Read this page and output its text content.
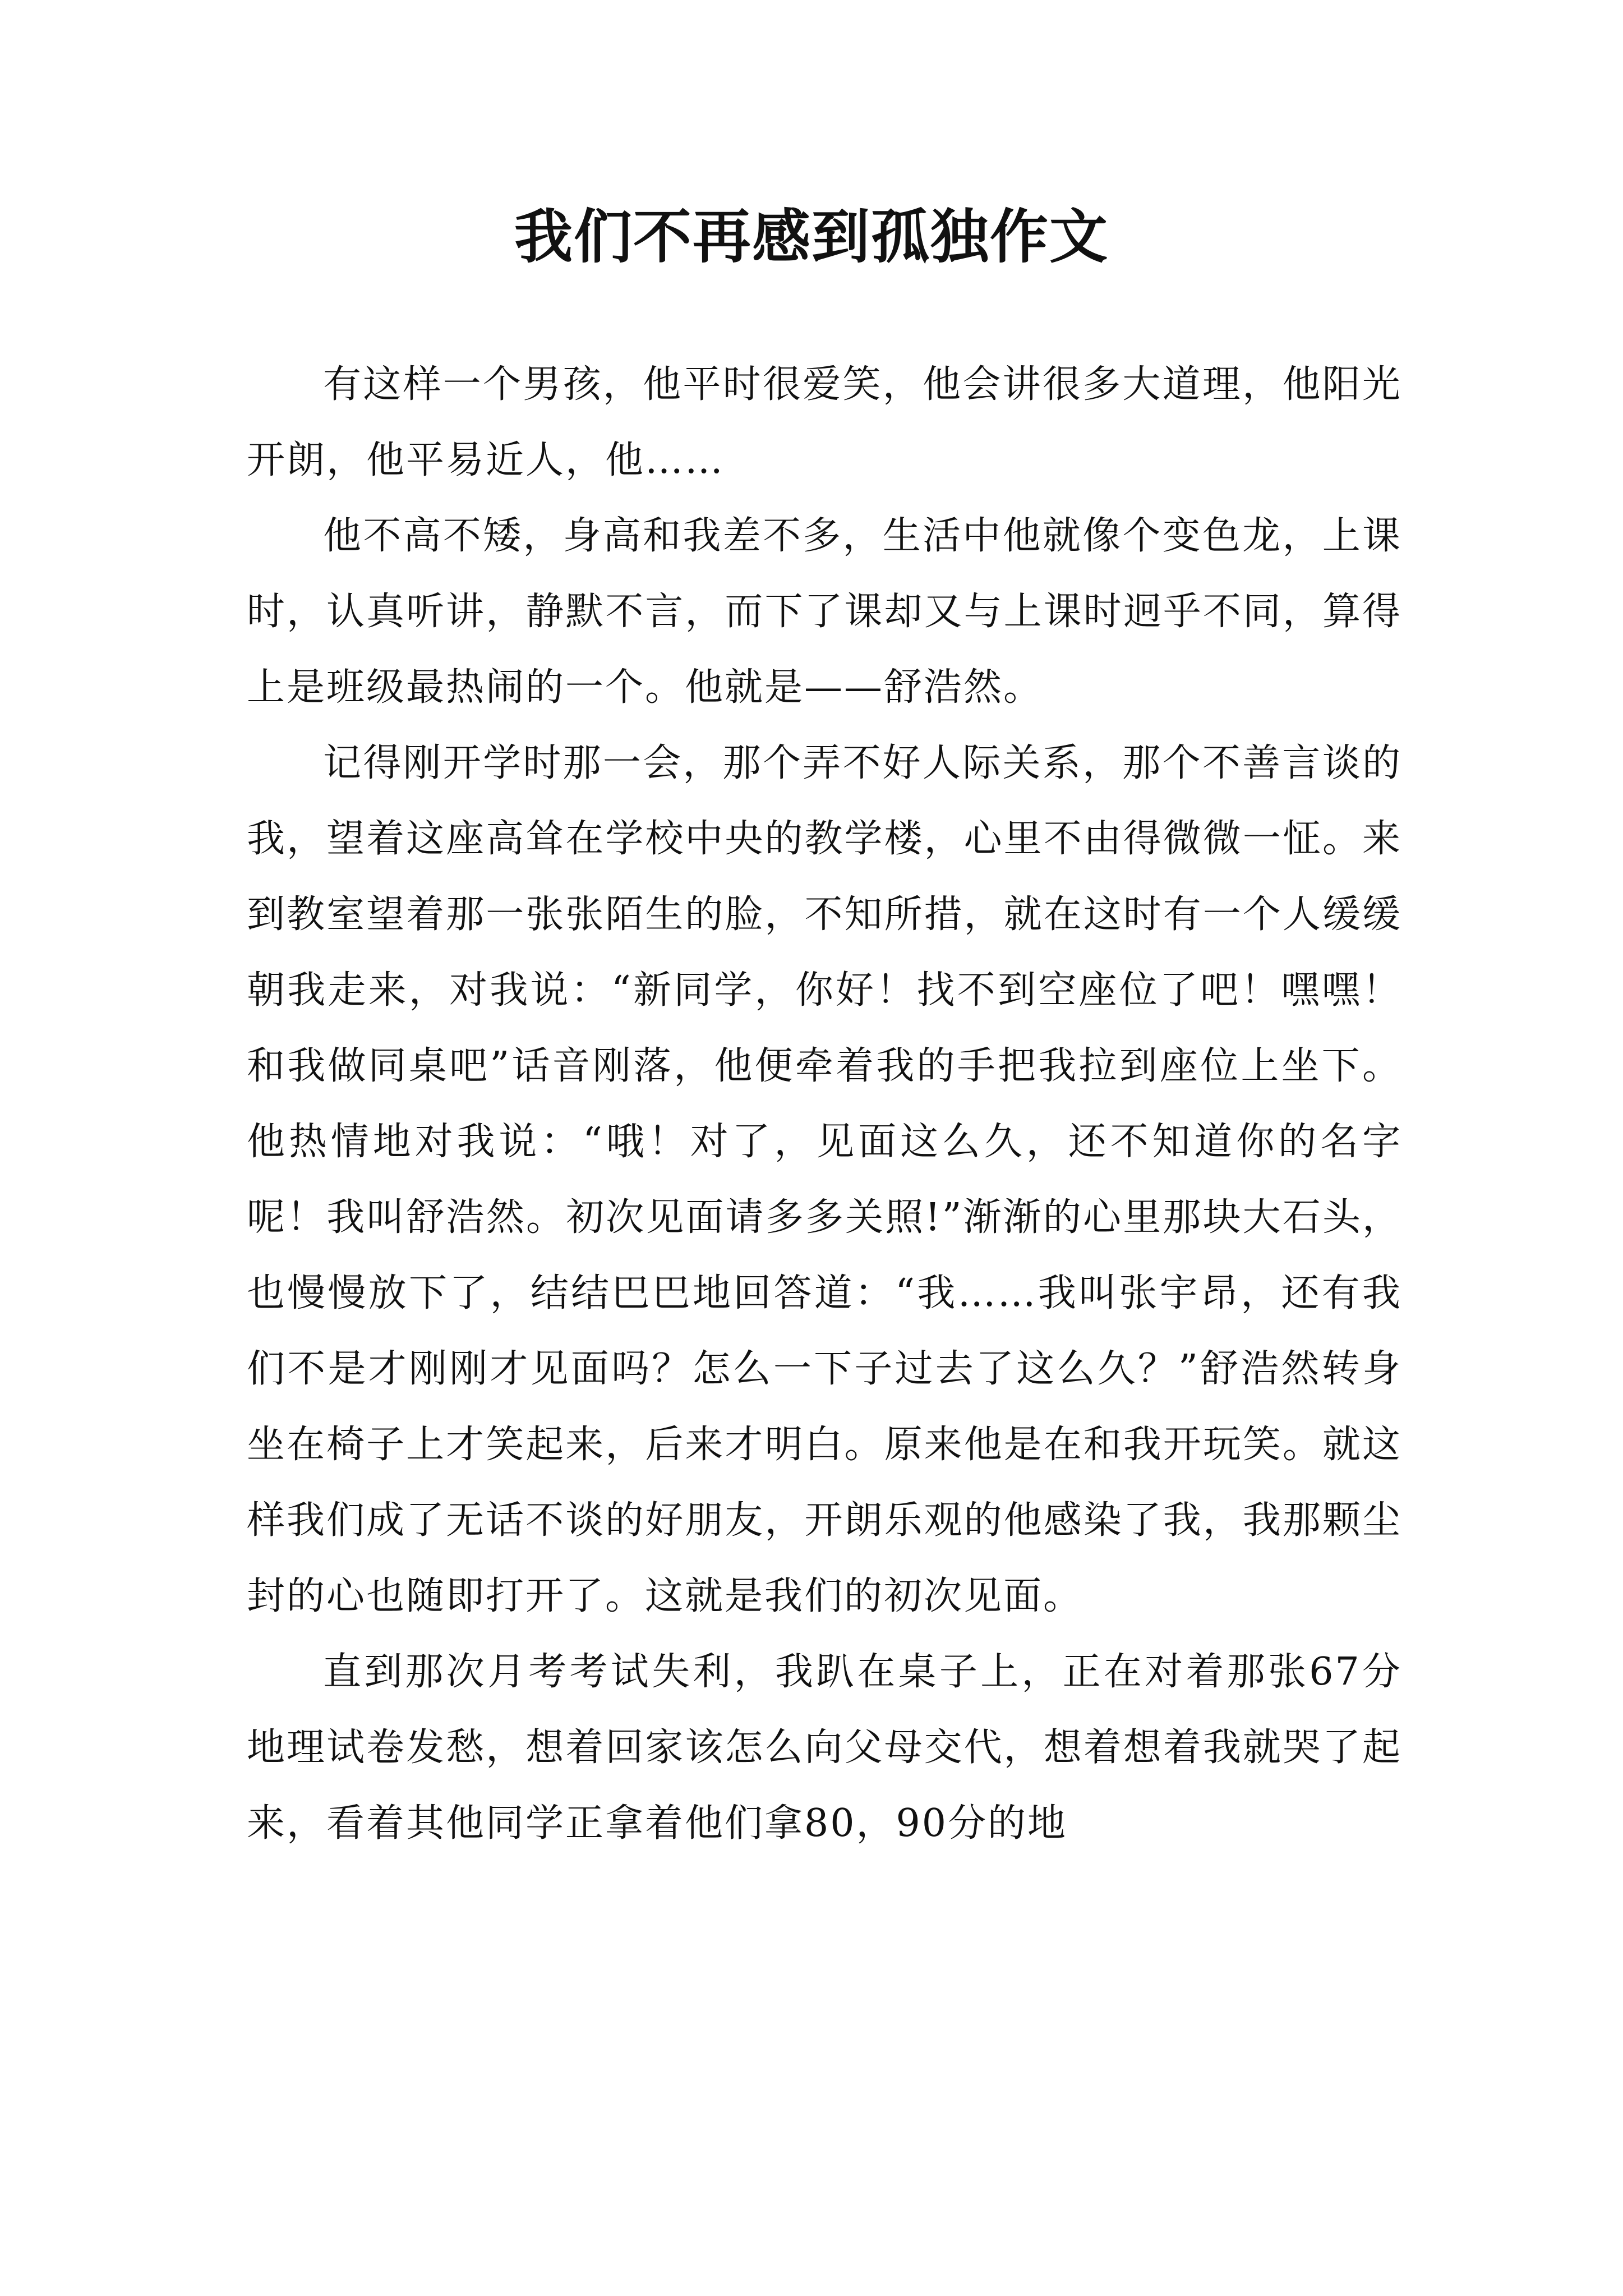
我们不再感到孤独作文

有这样一个男孩，他平时很爱笑，他会讲很多大道理，他阳光开朗，他平易近人，他……

他不高不矮，身高和我差不多，生活中他就像个变色龙，上课时，认真听讲，静默不言，而下了课却又与上课时迥乎不同，算得上是班级最热闹的一个。他就是——舒浩然。

记得刚开学时那一会，那个弄不好人际关系，那个不善言谈的我，望着这座高耸在学校中央的教学楼，心里不由得微微一怔。来到教室望着那一张张陌生的脸，不知所措，就在这时有一个人缓缓朝我走来，对我说：“新同学，你好！找不到空座位了吧！嘿嘿！和我做同桌吧”话音刚落，他便牵着我的手把我拉到座位上坐下。他热情地对我说：“哦！对了，见面这么久，还不知道你的名字呢！我叫舒浩然。初次见面请多多关照!”渐渐的心里那块大石头，也慢慢放下了，结结巴巴地回答道：“我……我叫张宇昂，还有我们不是才刚刚才见面吗？怎么一下子过去了这么久？”舒浩然转身坐在椅子上才笑起来，后来才明白。原来他是在和我开玩笑。就这样我们成了无话不谈的好朋友，开朗乐观的他感染了我，我那颗尘封的心也随即打开了。这就是我们的初次见面。

直到那次月考考试失利，我趴在桌子上，正在对着那张67分地理试卷发愁，想着回家该怎么向父母交代，想着想着我就哭了起来，看着其他同学正拿着他们拿80，90分的地
